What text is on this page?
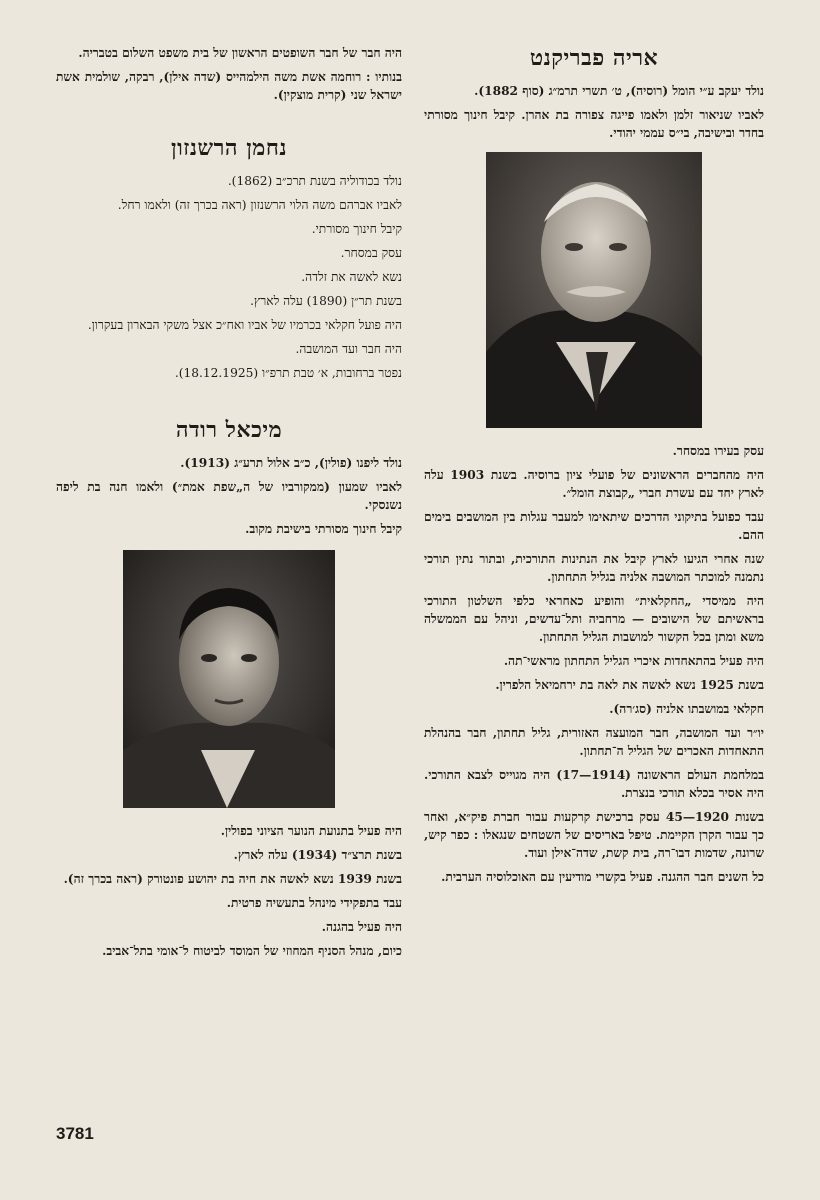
אריה פבריקנט
נולד יעקב ע״י הומל (רוסיה), ט׳ תשרי תרמ״ג (סוף 1882).
לאביו שניאור זלמן ולאמו פייגה צפורה בת אהרן. קיבל חינוך מסורתי בחדר ובישיבה, בי״ס עממי יהודי.
עסק בעירו במסחר.
היה מהחברים הראשונים של פועלי ציון ברוסיה. בשנת 1903 עלה לארץ יחד עם עשרת חברי „קבוצת הומל״.
עבד כפועל בתיקוני הדרכים שיתאימו למעבר עגלות בין המושבים בימים ההם.
שנה אחרי הגיעו לארץ קיבל את הנתינות התורכית, ובתור נתין תורכי נתמנה למוכתר המושבה אלניה בגליל התחתון.
היה ממיסדי „החקלאית״ והופיע כאחראי כלפי השלטון התורכי בראשיתם של הישובים — מרחביה ותל־עדשים, וניהל עם הממשלה משא ומתן בכל הקשור למושבות הגליל התחתון.
היה פעיל בהתאחדות איכרי הגליל התחתון מראשי־תה.
בשנת 1925 נשא לאשה את לאה בת ירחמיאל הלפרין.
חקלאי במושבתו אלניה (סג׳רה).
יו״ר ועד המושבה, חבר המועצה האזורית, גליל תחתון, חבר בהנהלת התאחדות האכרים של הגליל ה־תחתון.
במלחמת העולם הראשונה (1914—17) היה מגוייס לצבא התורכי. היה אסיר בכלא תורכי בנצרת.
בשנות 1920—45 עסק ברכישת קרקעות עבור חברת פיק״א, ואחר כך עבור הקרן הקיימת. טיפל באריסים של השטחים שנגאלו : כפר קיש, שרונה, שדמות דבו־רה, בית קשת, שדה־אילן ועוד.
כל השנים חבר ההגנה. פעיל בקשרי מודיעין עם האוכלוסיה הערבית.
היה חבר של חבר השופטים הראשון של בית משפט השלום בטבריה.
בנותיו : רוחמה אשת משה הילמהייס (שדה אילן), רבקה, שולמית אשת ישראל שני (קרית מוצקין).
נחמן הרשנזון
נולד בכודוליה בשנת תרכ״ב (1862).
לאביו אברהם משה הלוי הרשנזון (ראה בכרך זה) ולאמו רחל.
קיבל חינוך מסורתי.
עסק במסחר.
נשא לאשה את זלדה.
בשנת תר״ן (1890) עלה לארץ.
היה פועל חקלאי בכרמיו של אביו ואח״כ אצל משקי הבארון בעקרון.
היה חבר ועד המושבה.
נפטר ברחובות, א׳ טבת תרפ״ו (18.12.1925).
מיכאל רודה
נולד ליפנו (פולין), כ״ב אלול תרע״ג (1913).
לאביו שמעון (ממקורביו של ה„שפת אמת״) ולאמו חנה בת ליפה נשנסקי.
קיבל חינוך מסורתי בישיבת מקוב.
היה פעיל בתנועת הנוער הציוני בפולין.
בשנת תרצ״ד (1934) עלה לארץ.
בשנת 1939 נשא לאשה את חיה בת יהושע פונטורק (ראה בכרך זה).
עבד בתפקידי מינהל בתעשיה פרטית.
היה פעיל בהגנה.
כיום, מנהל הסניף המחוזי של המוסד לביטוח ל־אומי בתל־אביב.
3781
